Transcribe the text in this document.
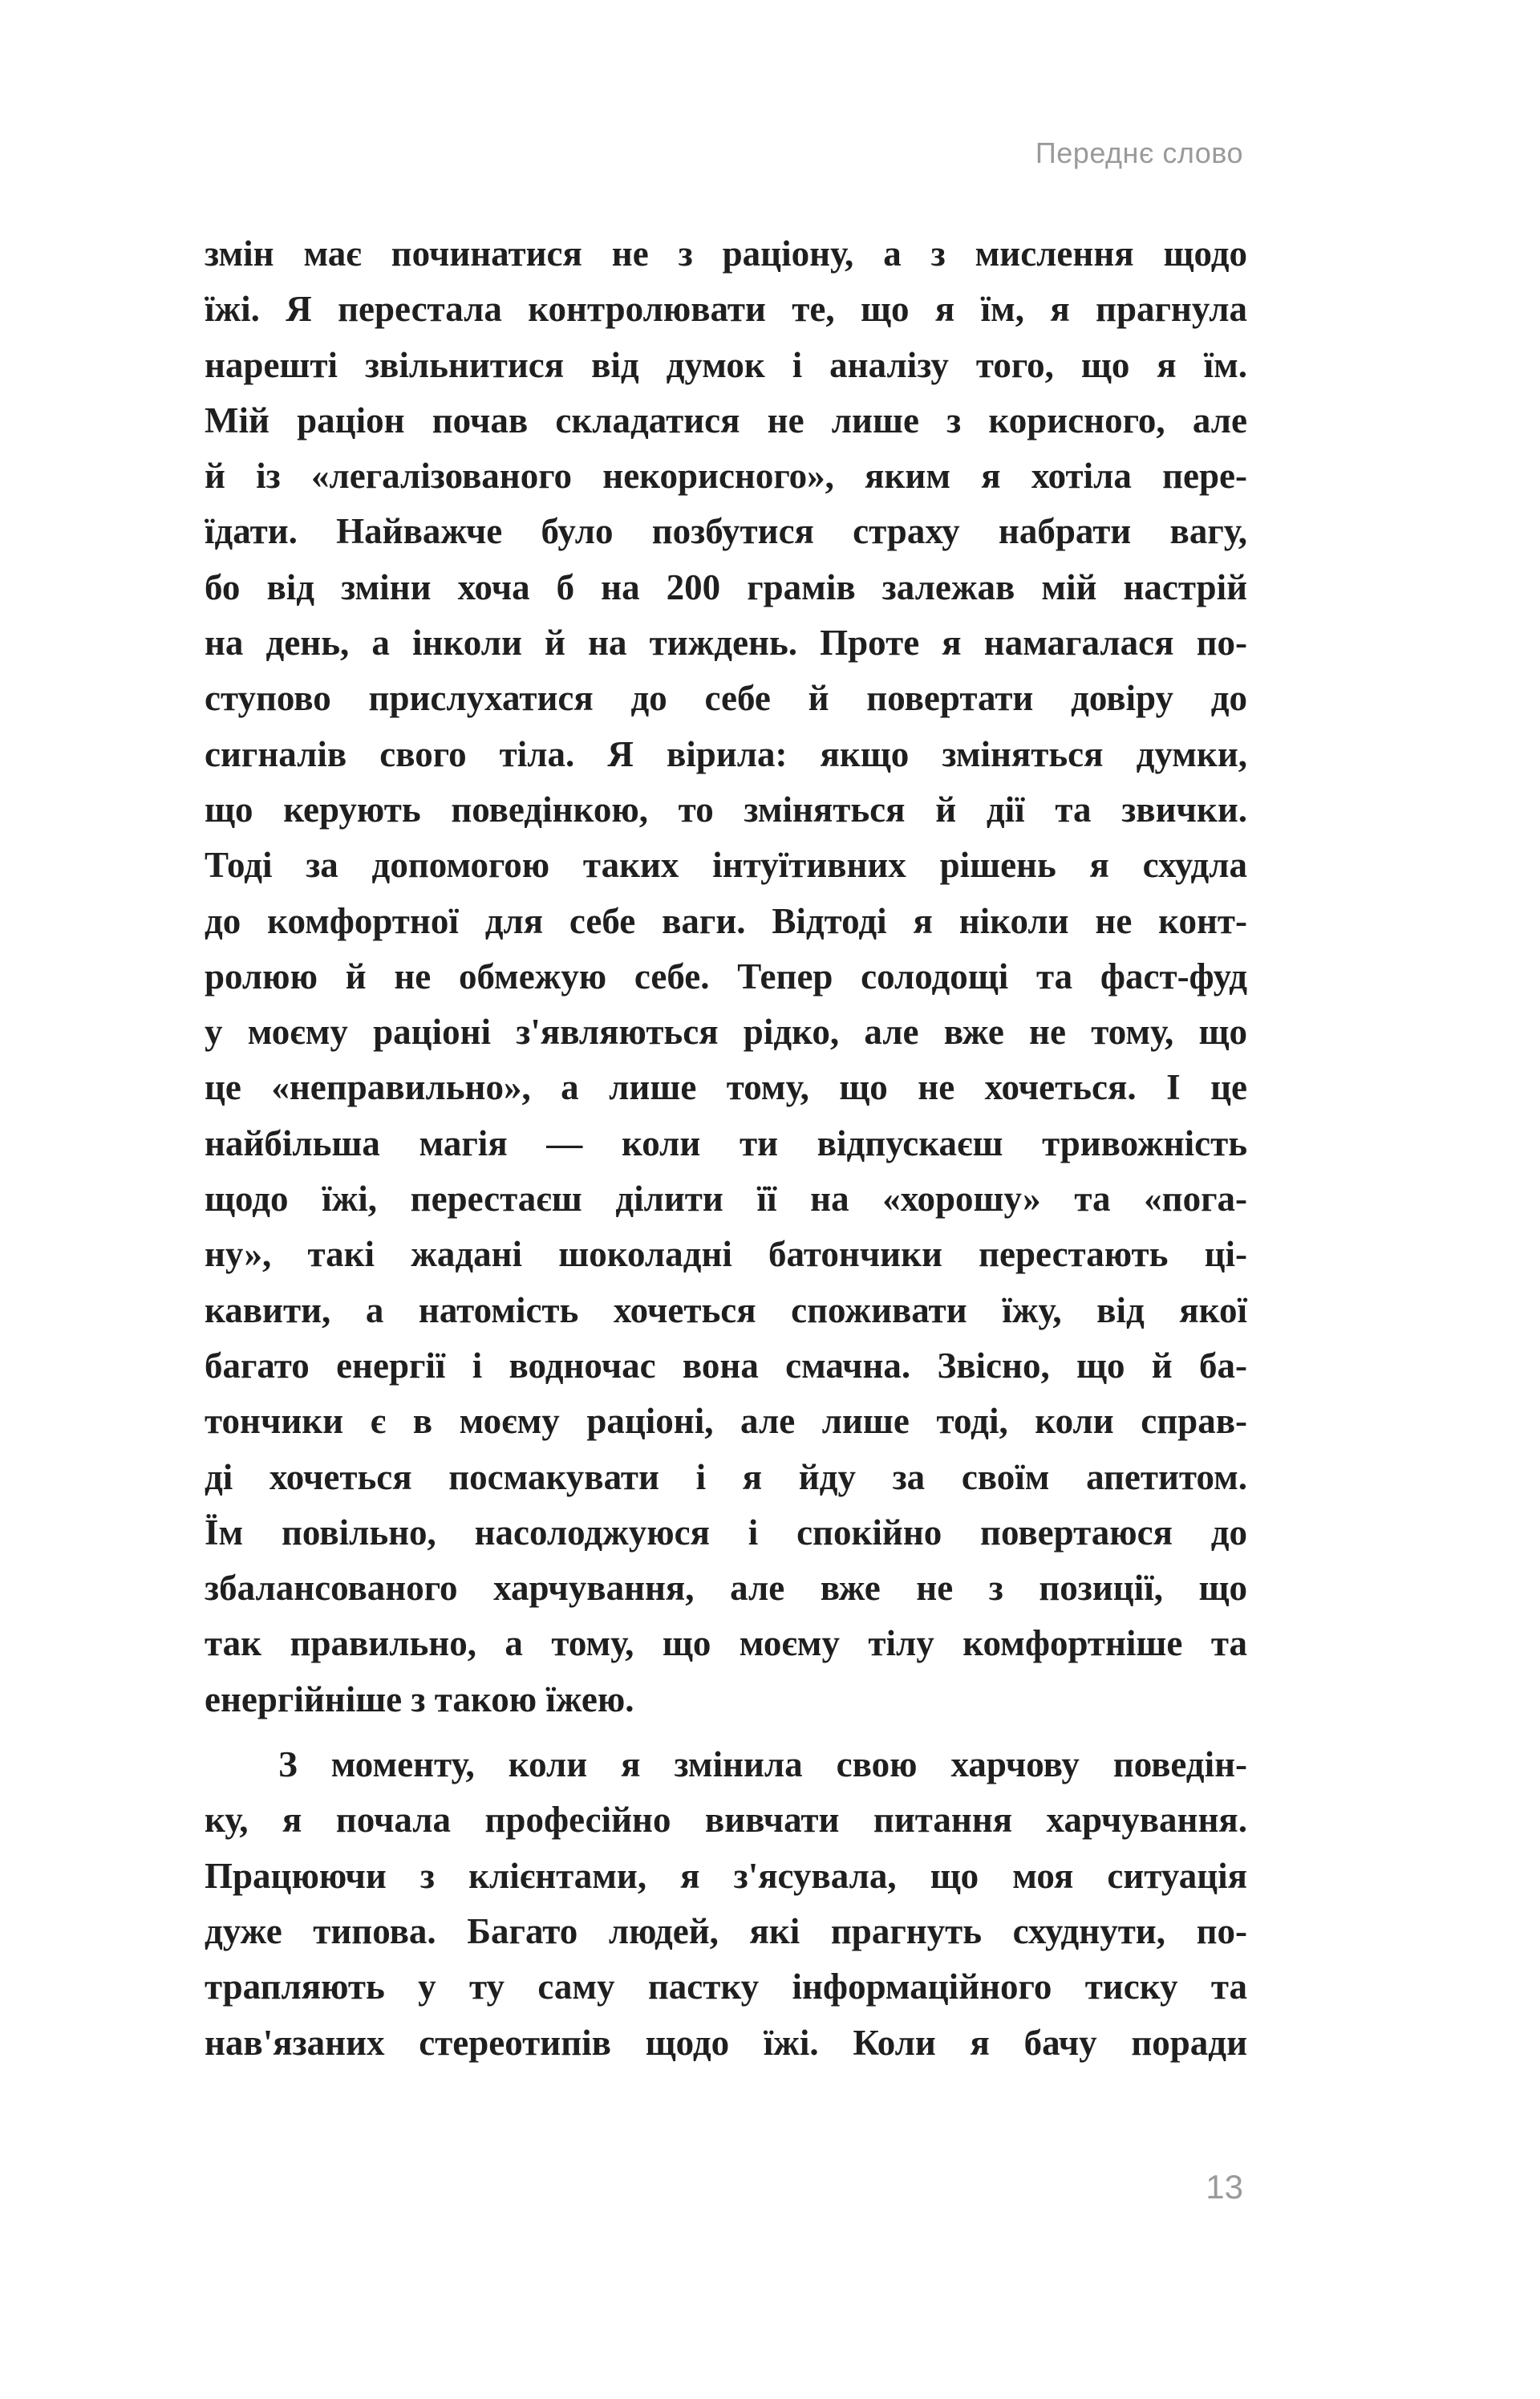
Переднє слово
змін має починатися не з раціону, а з мислення щодо
їжі. Я перестала контролювати те, що я їм, я прагнула
нарешті звільнитися від думок і аналізу того, що я їм.
Мій раціон почав складатися не лише з корисного, але
й із «легалізованого некорисного», яким я хотіла пере-
їдати. Найважче було позбутися страху набрати вагу,
бо від зміни хоча б на 200 грамів залежав мій настрій
на день, а інколи й на тиждень. Проте я намагалася по-
ступово прислухатися до себе й повертати довіру до
сигналів свого тіла. Я вірила: якщо зміняться думки,
що керують поведінкою, то зміняться й дії та звички.
Тоді за допомогою таких інтуїтивних рішень я схудла
до комфортної для себе ваги. Відтоді я ніколи не конт-
ролюю й не обмежую себе. Тепер солодощі та фаст-фуд
у моєму раціоні з'являються рідко, але вже не тому, що
це «неправильно», а лише тому, що не хочеться. І це
найбільша магія — коли ти відпускаєш тривожність
щодо їжі, перестаєш ділити її на «хорошу» та «пога-
ну», такі жадані шоколадні батончики перестають ці-
кавити, а натомість хочеться споживати їжу, від якої
багато енергії і водночас вона смачна. Звісно, що й ба-
тончики є в моєму раціоні, але лише тоді, коли справ-
ді хочеться посмакувати і я йду за своїм апетитом.
Їм повільно, насолоджуюся і спокійно повертаюся до
збалансованого харчування, але вже не з позиції, що
так правильно, а тому, що моєму тілу комфортніше та
енергійніше з такою їжею.
З моменту, коли я змінила свою харчову поведін-
ку, я почала професійно вивчати питання харчування.
Працюючи з клієнтами, я з'ясувала, що моя ситуація
дуже типова. Багато людей, які прагнуть схуднути, по-
трапляють у ту саму пастку інформаційного тиску та
нав'язаних стереотипів щодо їжі. Коли я бачу поради
13
